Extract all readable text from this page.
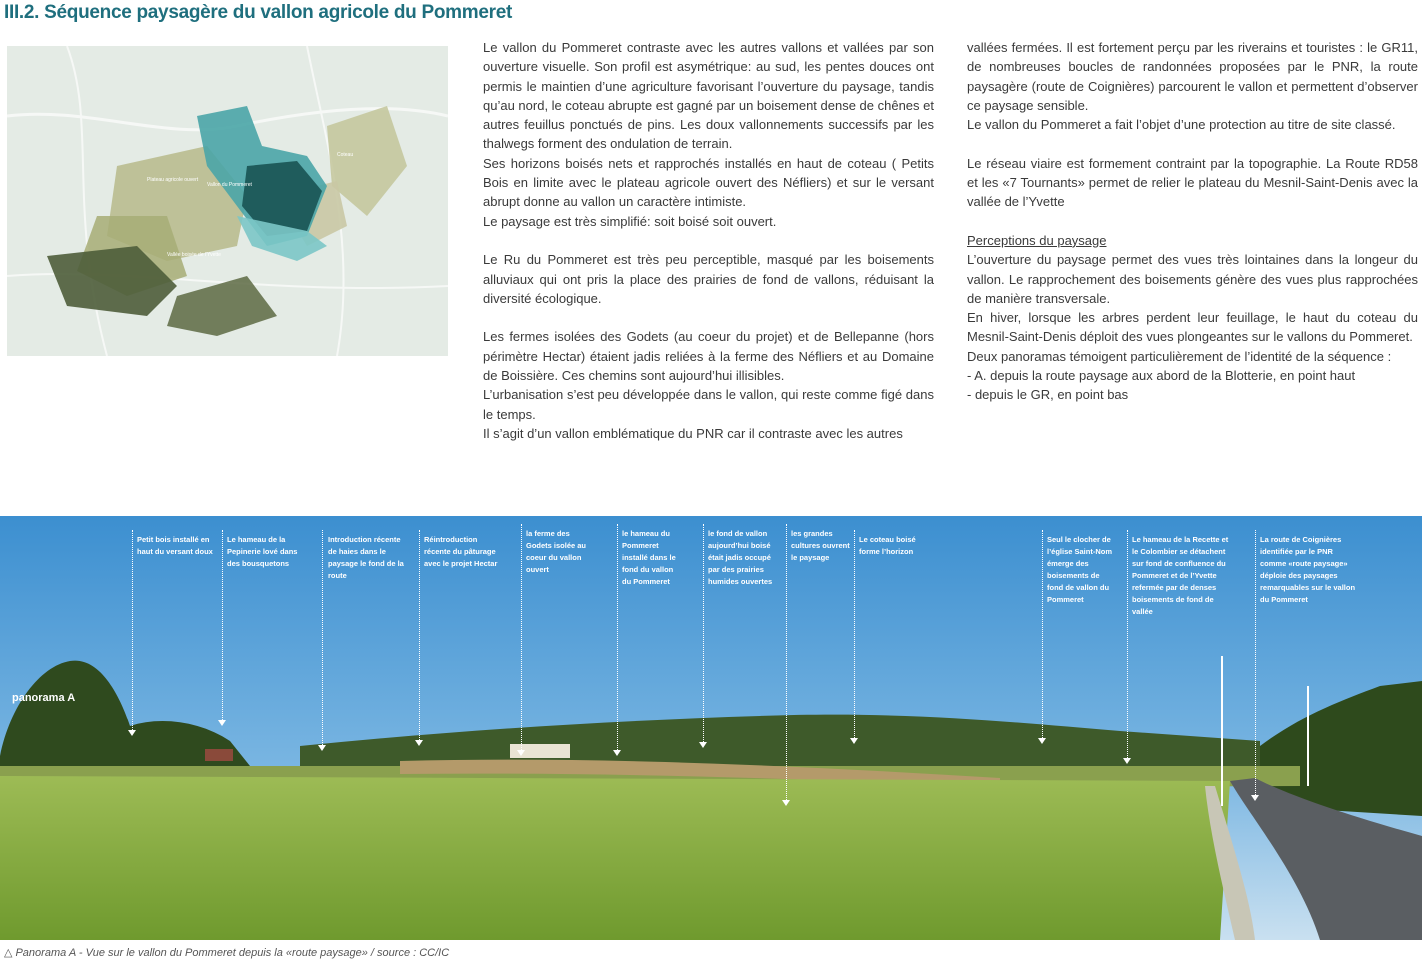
III.2. Séquence paysagère du vallon agricole du Pommeret
Vallon du Pommeret
Plateau agricole ouvert
Coteau
Vallée boisée de l'Yvette

Le vallon du Pommeret contraste avec les autres vallons et vallées par son ouverture visuelle. Son profil est asymétrique: au sud, les pentes douces ont permis le maintien d’une agriculture favorisant l’ouverture du paysage, tandis qu’au nord, le coteau abrupte est gagné par un boisement dense de chênes et autres feuillus ponctués de pins. Les doux vallonnements successifs par les thalwegs forment des ondulation de terrain.

Ses horizons boisés nets et rapprochés installés en haut de coteau ( Petits Bois en limite avec le plateau agricole ouvert des Néfliers) et sur le versant abrupt donne au vallon un caractère intimiste.

Le paysage est très simplifié: soit boisé soit ouvert.

Le Ru du Pommeret est très peu perceptible, masqué par les boisements alluviaux qui ont pris la place des prairies de fond de vallons, réduisant la diversité écologique.

Les fermes isolées des Godets (au coeur du projet) et de Bellepanne (hors périmètre Hectar) étaient jadis reliées à la ferme des Néfliers et au Domaine de Boissière. Ces chemins sont aujourd’hui illisibles.

L’urbanisation s’est peu développée dans le vallon, qui reste comme figé dans le temps.

Il s’agit d’un vallon emblématique du PNR car il contraste avec les autres

vallées fermées. Il est fortement perçu par les riverains et touristes : le GR11, de nombreuses boucles de randonnées proposées par le PNR, la route paysagère (route de Coignières) parcourent le vallon et permettent d’observer ce paysage sensible.

Le vallon du Pommeret a fait l’objet d’une protection au titre de site classé.

Le réseau viaire est formement contraint par la topographie. La Route RD58 et les «7 Tournants» permet de relier le plateau du Mesnil-Saint-Denis avec la vallée de l’Yvette

Perceptions du paysage

L’ouverture du paysage permet des vues très lointaines dans la longeur du vallon. Le rapprochement des boisements génère des vues plus rapprochées de manière transversale.

En hiver, lorsque les arbres perdent leur feuillage, le haut du coteau du Mesnil-Saint-Denis déploit des vues plongeantes sur le vallons du Pommeret.

Deux panoramas témoigent particulièrement de l’identité de la séquence :

- A. depuis la route paysage aux abord de la Blotterie, en point haut

- depuis le GR, en point bas

Petit bois installé en haut du versant doux
Le hameau de la Pepinerie lové dans des bousquetons
Introduction récente de haies dans le paysage le fond de la route
Réintroduction récente du pâturage avec le projet Hectar
la ferme des Godets isolée au coeur du vallon ouvert
le hameau du Pommeret installé dans le fond du vallon du Pommeret
le fond de vallon aujourd’hui boisé était jadis occupé par des prairies humides ouvertes
les grandes cultures ouvrent le paysage
Le coteau boisé forme l’horizon
Seul le clocher de l’église Saint-Nom émerge des boisements de fond de vallon du Pommeret
Le hameau de la Recette et le Colombier se détachent sur fond de confluence du Pommeret et de l’Yvette refermée par de denses boisements de fond de vallée
La route de Coignières identifiée par le PNR comme «route paysage» déploie des paysages remarquables sur le vallon du Pommeret
panorama A
△ Panorama A - Vue sur le vallon du Pommeret depuis la «route paysage» / source : CC/IC
